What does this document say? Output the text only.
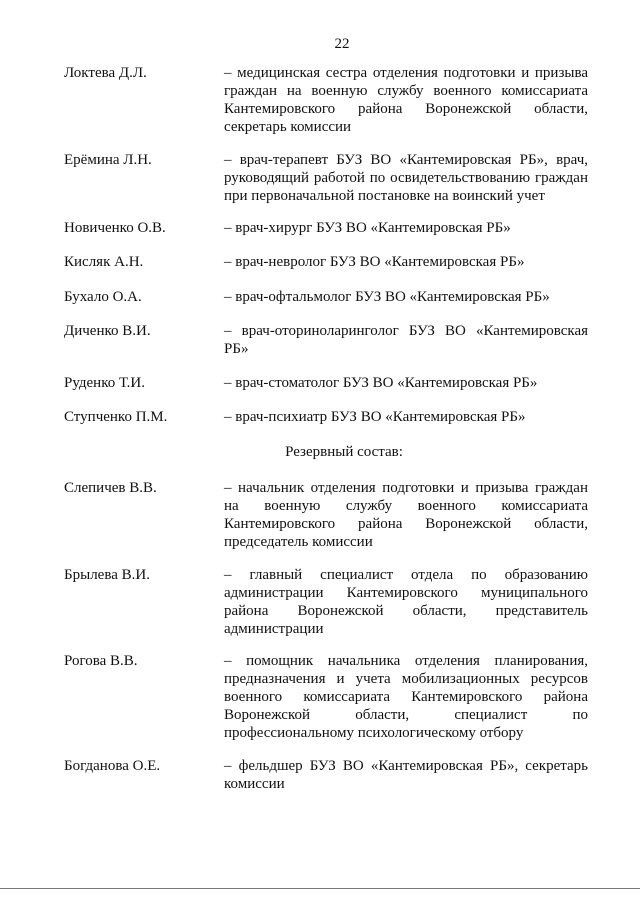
22
Локтева Д.Л.	– медицинская сестра отделения подготовки и призыва граждан на военную службу военного комиссариата Кантемировского района Воронежской области, секретарь комиссии
Ерёмина Л.Н.	– врач-терапевт БУЗ ВО «Кантемировская РБ», врач, руководящий работой по освидетельствованию граждан при первоначальной постановке на воинский учет
Новиченко О.В.	– врач-хирург БУЗ ВО «Кантемировская РБ»
Кисляк А.Н.	– врач-невролог БУЗ ВО «Кантемировская РБ»
Бухало О.А.	– врач-офтальмолог БУЗ ВО «Кантемировская РБ»
Диченко В.И.	– врач-оториноларинголог БУЗ ВО «Кантемировская РБ»
Руденко Т.И.	– врач-стоматолог БУЗ ВО «Кантемировская РБ»
Ступченко П.М.	– врач-психиатр БУЗ ВО «Кантемировская РБ»
Резервный состав:
Слепичев В.В.	– начальник отделения подготовки и призыва граждан на военную службу военного комиссариата Кантемировского района Воронежской области, председатель комиссии
Брылева В.И.	– главный специалист отдела по образованию администрации Кантемировского муниципального района Воронежской области, представитель администрации
Рогова В.В.	– помощник начальника отделения планирования, предназначения и учета мобилизационных ресурсов военного комиссариата Кантемировского района Воронежской области, специалист по профессиональному психологическому отбору
Богданова О.Е.	– фельдшер БУЗ ВО «Кантемировская РБ», секретарь комиссии
